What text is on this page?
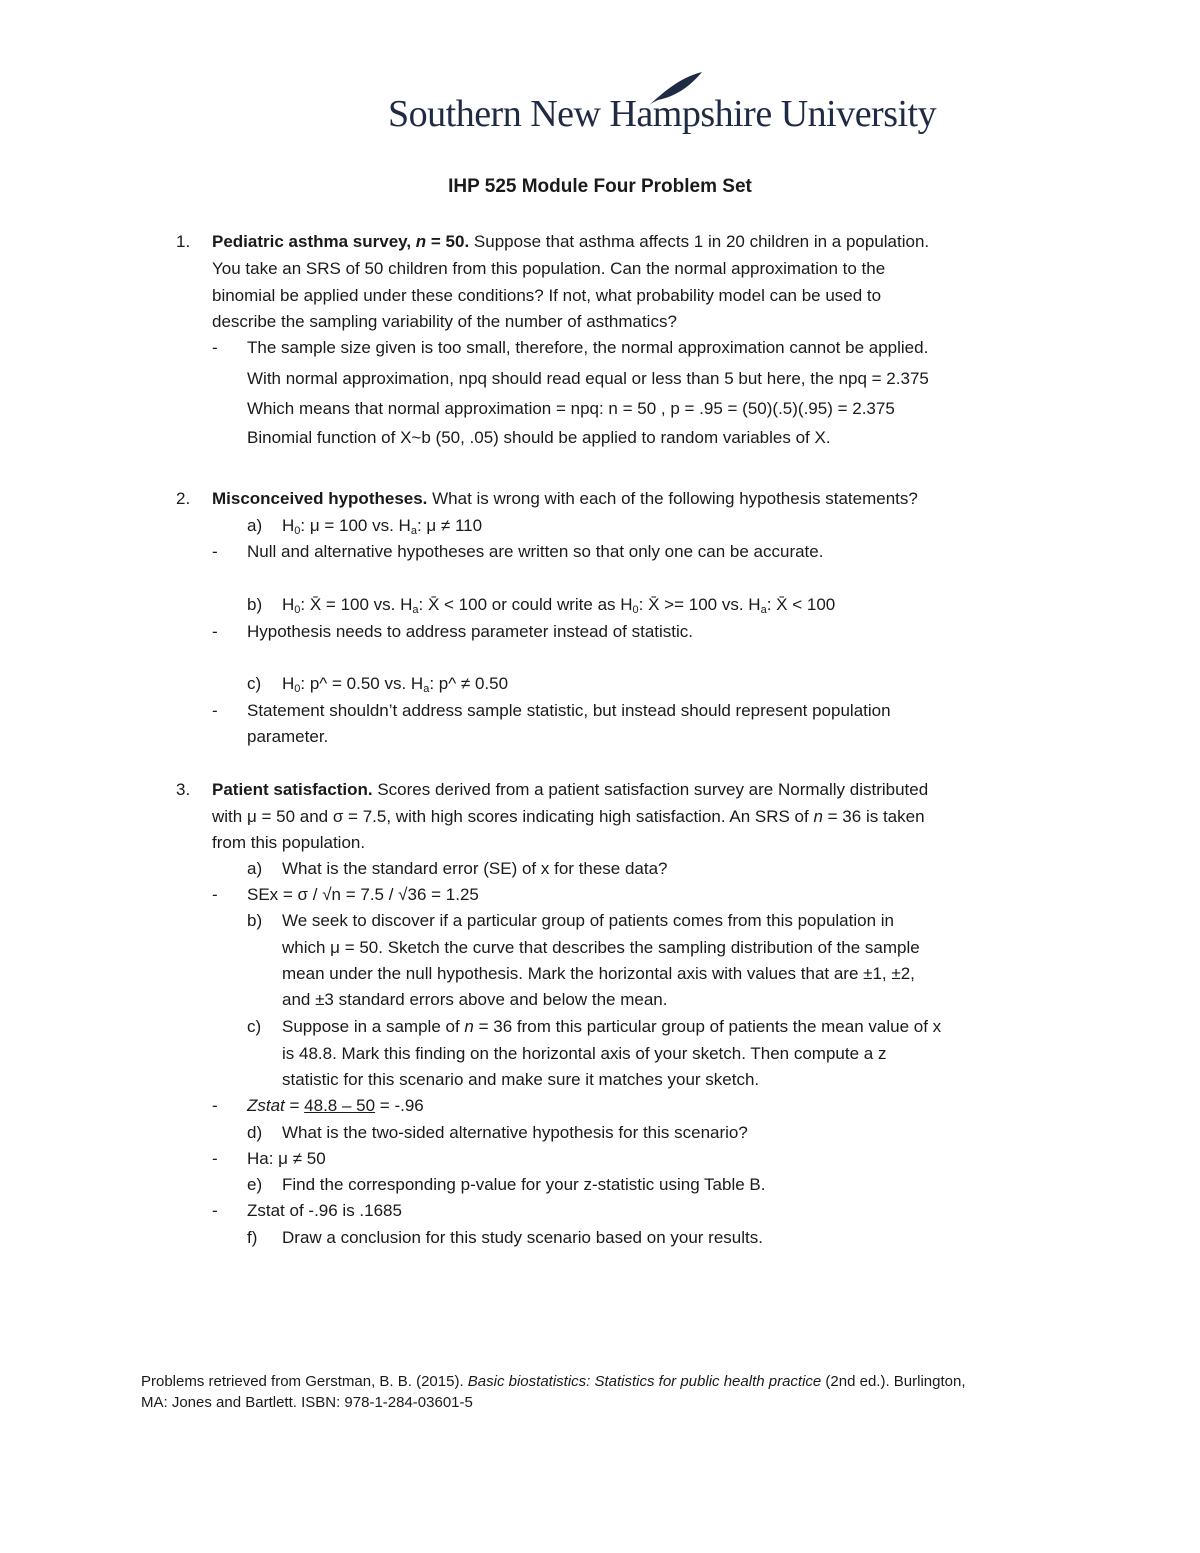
Southern New Hampshire University
IHP 525 Module Four Problem Set
1. Pediatric asthma survey, n = 50. Suppose that asthma affects 1 in 20 children in a population.
You take an SRS of 50 children from this population. Can the normal approximation to the
binomial be applied under these conditions? If not, what probability model can be used to
describe the sampling variability of the number of asthmatics?
- The sample size given is too small, therefore, the normal approximation cannot be applied.
With normal approximation, npq should read equal or less than 5 but here, the npq = 2.375
Which means that normal approximation = npq: n = 50 , p = .95 = (50)(.5)(.95) = 2.375
Binomial function of X~b (50, .05) should be applied to random variables of X.
2. Misconceived hypotheses. What is wrong with each of the following hypothesis statements?
a) $H_0$: μ = 100 vs. $H_a$: μ ≠ 110
- Null and alternative hypotheses are written so that only one can be accurate.
b) $H_0$: X̄ = 100 vs. $H_a$: X̄ < 100 or could write as $H_0$: X̄ >= 100 vs. $H_a$: X̄ < 100
- Hypothesis needs to address parameter instead of statistic.
c) $H_0$: p^ = 0.50 vs. $H_a$: p^ ≠ 0.50
- Statement shouldn’t address sample statistic, but instead should represent population
parameter.
3. Patient satisfaction. Scores derived from a patient satisfaction survey are Normally distributed
with μ = 50 and σ = 7.5, with high scores indicating high satisfaction. An SRS of n = 36 is taken
from this population.
a) What is the standard error (SE) of x for these data?
- SEx = σ / √n = 7.5 / √36 = 1.25
b) We seek to discover if a particular group of patients comes from this population in
which μ = 50. Sketch the curve that describes the sampling distribution of the sample
mean under the null hypothesis. Mark the horizontal axis with values that are ±1, ±2,
and ±3 standard errors above and below the mean.
c) Suppose in a sample of n = 36 from this particular group of patients the mean value of x
is 48.8. Mark this finding on the horizontal axis of your sketch. Then compute a z
statistic for this scenario and make sure it matches your sketch.
- Zstat = 48.8 – 50 = -.96
d) What is the two-sided alternative hypothesis for this scenario?
- Ha: μ ≠ 50
e) Find the corresponding p-value for your z-statistic using Table B.
- Zstat of -.96 is .1685
f) Draw a conclusion for this study scenario based on your results.
Problems retrieved from Gerstman, B. B. (2015). Basic biostatistics: Statistics for public health practice (2nd ed.). Burlington,
MA: Jones and Bartlett. ISBN: 978-1-284-03601-5
